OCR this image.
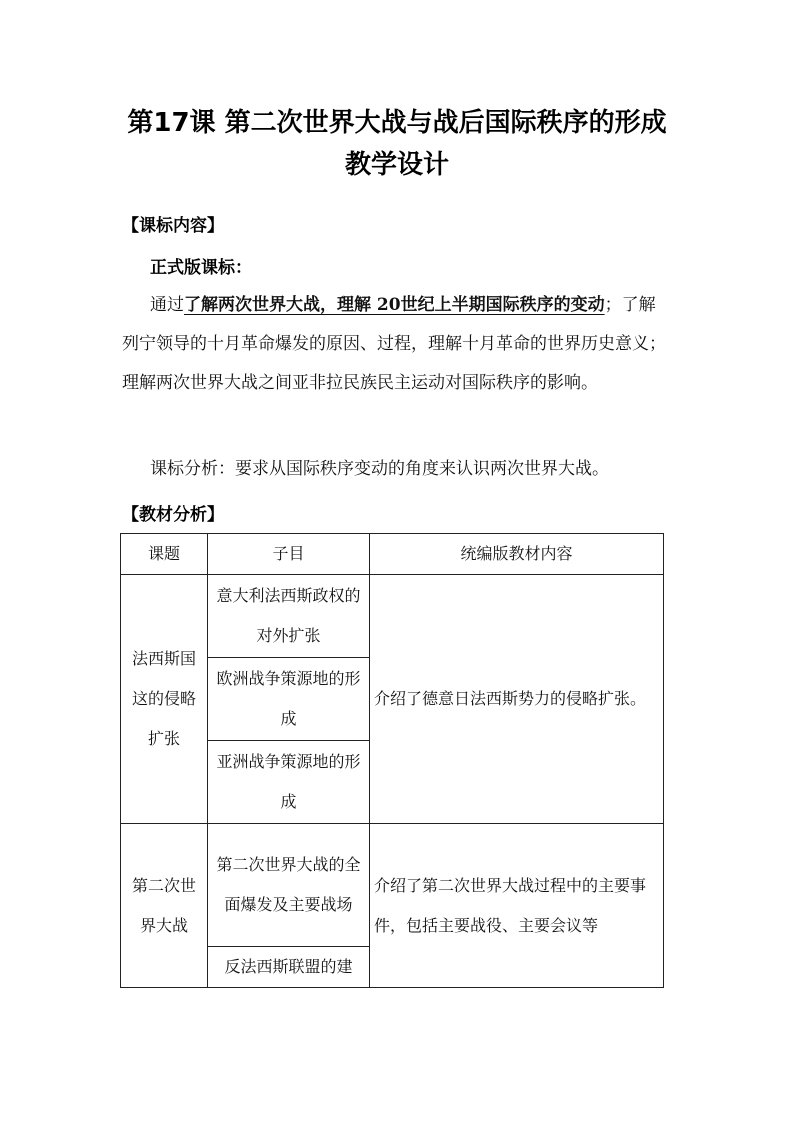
第17课 第二次世界大战与战后国际秩序的形成
教学设计
【课标内容】
正式版课标：
通过了解两次世界大战，理解 20世纪上半期国际秩序的变动；了解列宁领导的十月革命爆发的原因、过程，理解十月革命的世界历史意义；理解两次世界大战之间亚非拉民族民主运动对国际秩序的影响。
课标分析：要求从国际秩序变动的角度来认识两次世界大战。
【教材分析】
课题	子目	统编版教材内容
法西斯国这的侵略扩张	意大利法西斯政权的对外扩张	介绍了德意日法西斯势力的侵略扩张。
	欧洲战争策源地的形成	
	亚洲战争策源地的形成	
第二次世界大战	第二次世界大战的全面爆发及主要战场	介绍了第二次世界大战过程中的主要事件，包括主要战役、主要会议等
	反法西斯联盟的建	
